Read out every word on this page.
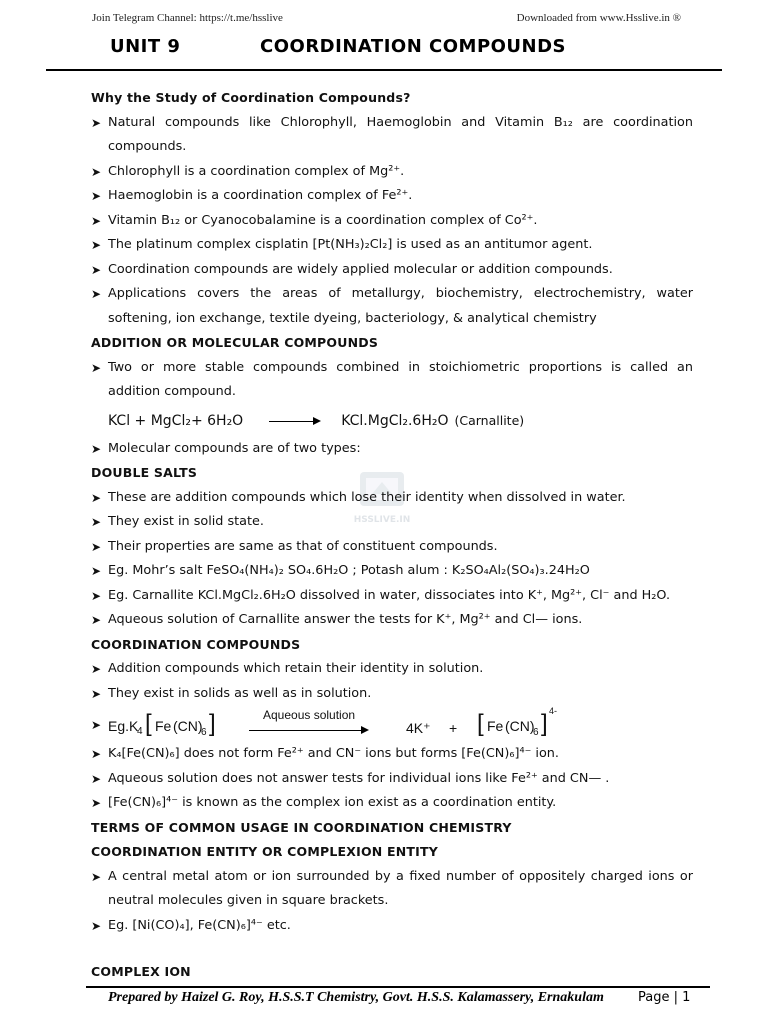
Join Telegram Channel: https://t.me/hsslive	Downloaded from www.Hsslive.in ®
UNIT 9	COORDINATION COMPOUNDS
HSSLIVE.IN
Why the Study of Coordination Compounds?
➤ Natural compounds like Chlorophyll, Haemoglobin and Vitamin B₁₂ are coordination compounds.
➤ Chlorophyll is a coordination complex of Mg²⁺.
➤ Haemoglobin is a coordination complex of Fe²⁺.
➤ Vitamin B₁₂ or Cyanocobalamine is a coordination complex of Co²⁺.
➤ The platinum complex cisplatin [Pt(NH₃)₂Cl₂] is used as an antitumor agent.
➤ Coordination compounds are widely applied molecular or addition compounds.
➤ Applications covers the areas of metallurgy, biochemistry, electrochemistry, water softening, ion exchange, textile dyeing, bacteriology, & analytical chemistry
ADDITION OR MOLECULAR COMPOUNDS
➤ Two or more stable compounds combined in stoichiometric proportions is called an addition compound.
KCl + MgCl₂+ 6H₂O	KCl.MgCl₂.6H₂O (Carnallite)
➤ Molecular compounds are of two types:
DOUBLE SALTS
➤ These are addition compounds which lose their identity when dissolved in water.
➤ They exist in solid state.
➤ Their properties are same as that of constituent compounds.
➤ Eg. Mohr’s salt FeSO₄(NH₄)₂ SO₄.6H₂O ; Potash alum : K₂SO₄Al₂(SO₄)₃.24H₂O
➤ Eg. Carnallite KCl.MgCl₂.6H₂O dissolved in water, dissociates into K⁺, Mg²⁺, Cl⁻ and H₂O.
➤ Aqueous solution of Carnallite answer the tests for K⁺, Mg²⁺ and Cl— ions.
COORDINATION COMPOUNDS
➤ Addition compounds which retain their identity in solution.
➤ They exist in solids as well as in solution.
➤ Eg.K
4 [ Fe (CN)
6 ]	Aqueous solution
4K⁺ + [ Fe (CN)
6 ] 4-
➤ K₄[Fe(CN)₆] does not form Fe²⁺ and CN⁻ ions but forms [Fe(CN)₆]⁴⁻ ion.
➤ Aqueous solution does not answer tests for individual ions like Fe²⁺ and CN— .
➤ [Fe(CN)₆]⁴⁻ is known as the complex ion exist as a coordination entity.
TERMS OF COMMON USAGE IN COORDINATION CHEMISTRY
COORDINATION ENTITY OR COMPLEXION ENTITY
➤ A central metal atom or ion surrounded by a fixed number of oppositely charged ions or neutral molecules given in square brackets.
➤ Eg. [Ni(CO)₄], Fe(CN)₆]⁴⁻ etc.
COMPLEX ION
Prepared by Haizel G. Roy, H.S.S.T Chemistry, Govt. H.S.S. Kalamassery, Ernakulam	Page | 1
